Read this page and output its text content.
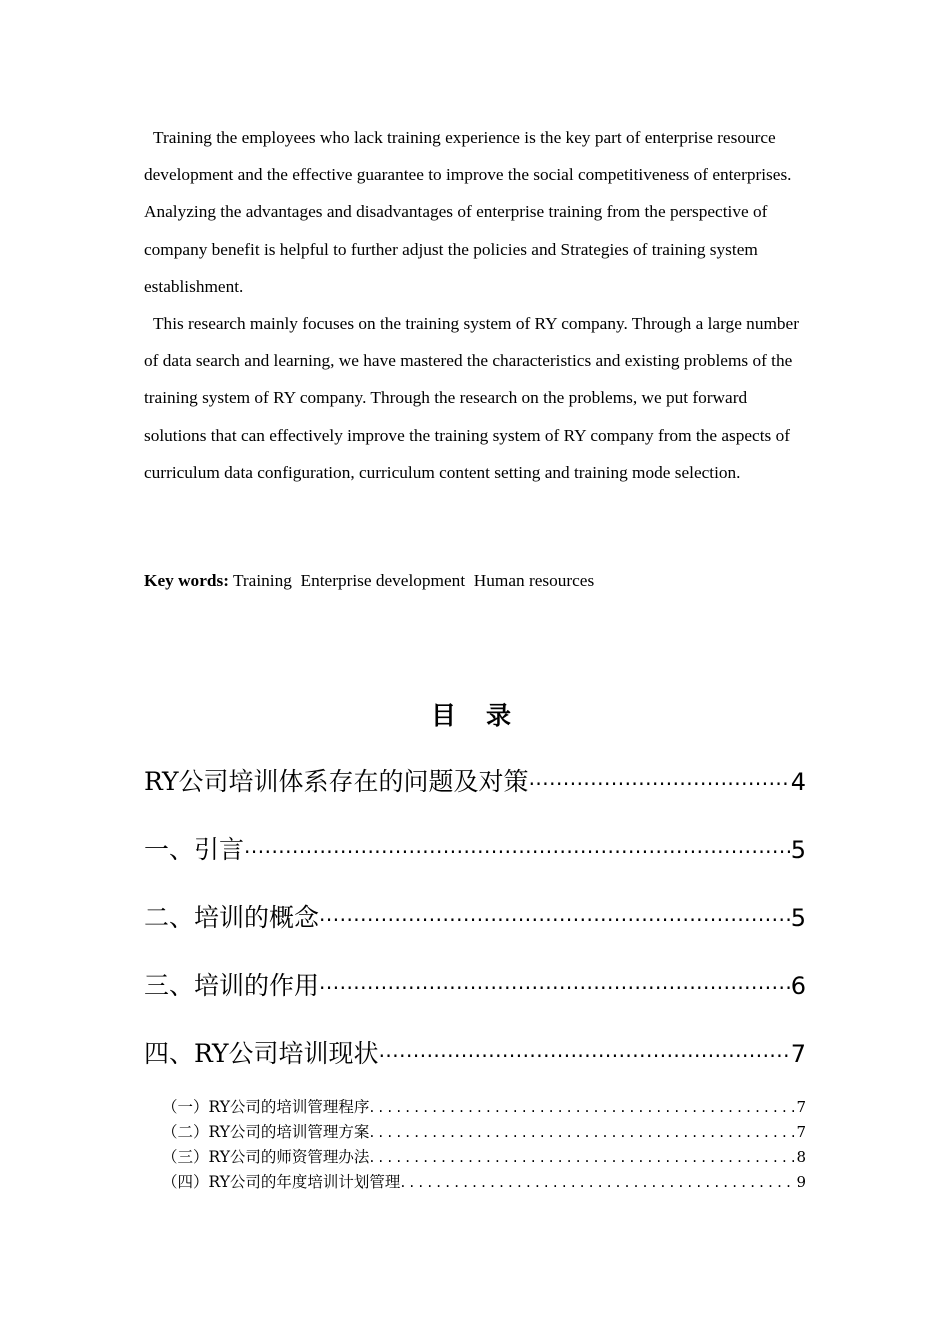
Training the employees who lack training experience is the key part of enterprise resource development and the effective guarantee to improve the social competitiveness of enterprises. Analyzing the advantages and disadvantages of enterprise training from the perspective of company benefit is helpful to further adjust the policies and Strategies of training system establishment.

This research mainly focuses on the training system of RY company. Through a large number of data search and learning, we have mastered the characteristics and existing problems of the training system of RY company. Through the research on the problems, we put forward solutions that can effectively improve the training system of RY company from the aspects of curriculum data configuration, curriculum content setting and training mode selection.

Key words: Training  Enterprise development  Human resources
目录
RY公司培训体系存在的问题及对策 .....	4
一、引言 .....	5
二、培训的概念 .....	5
三、培训的作用 .....	6
四、RY公司培训现状 .....	7
（一）RY公司的培训管理程序 .....	7
（二）RY公司的培训管理方案 .....	7
（三）RY公司的师资管理办法 .....	8
（四）RY公司的年度培训计划管理 .....	9
